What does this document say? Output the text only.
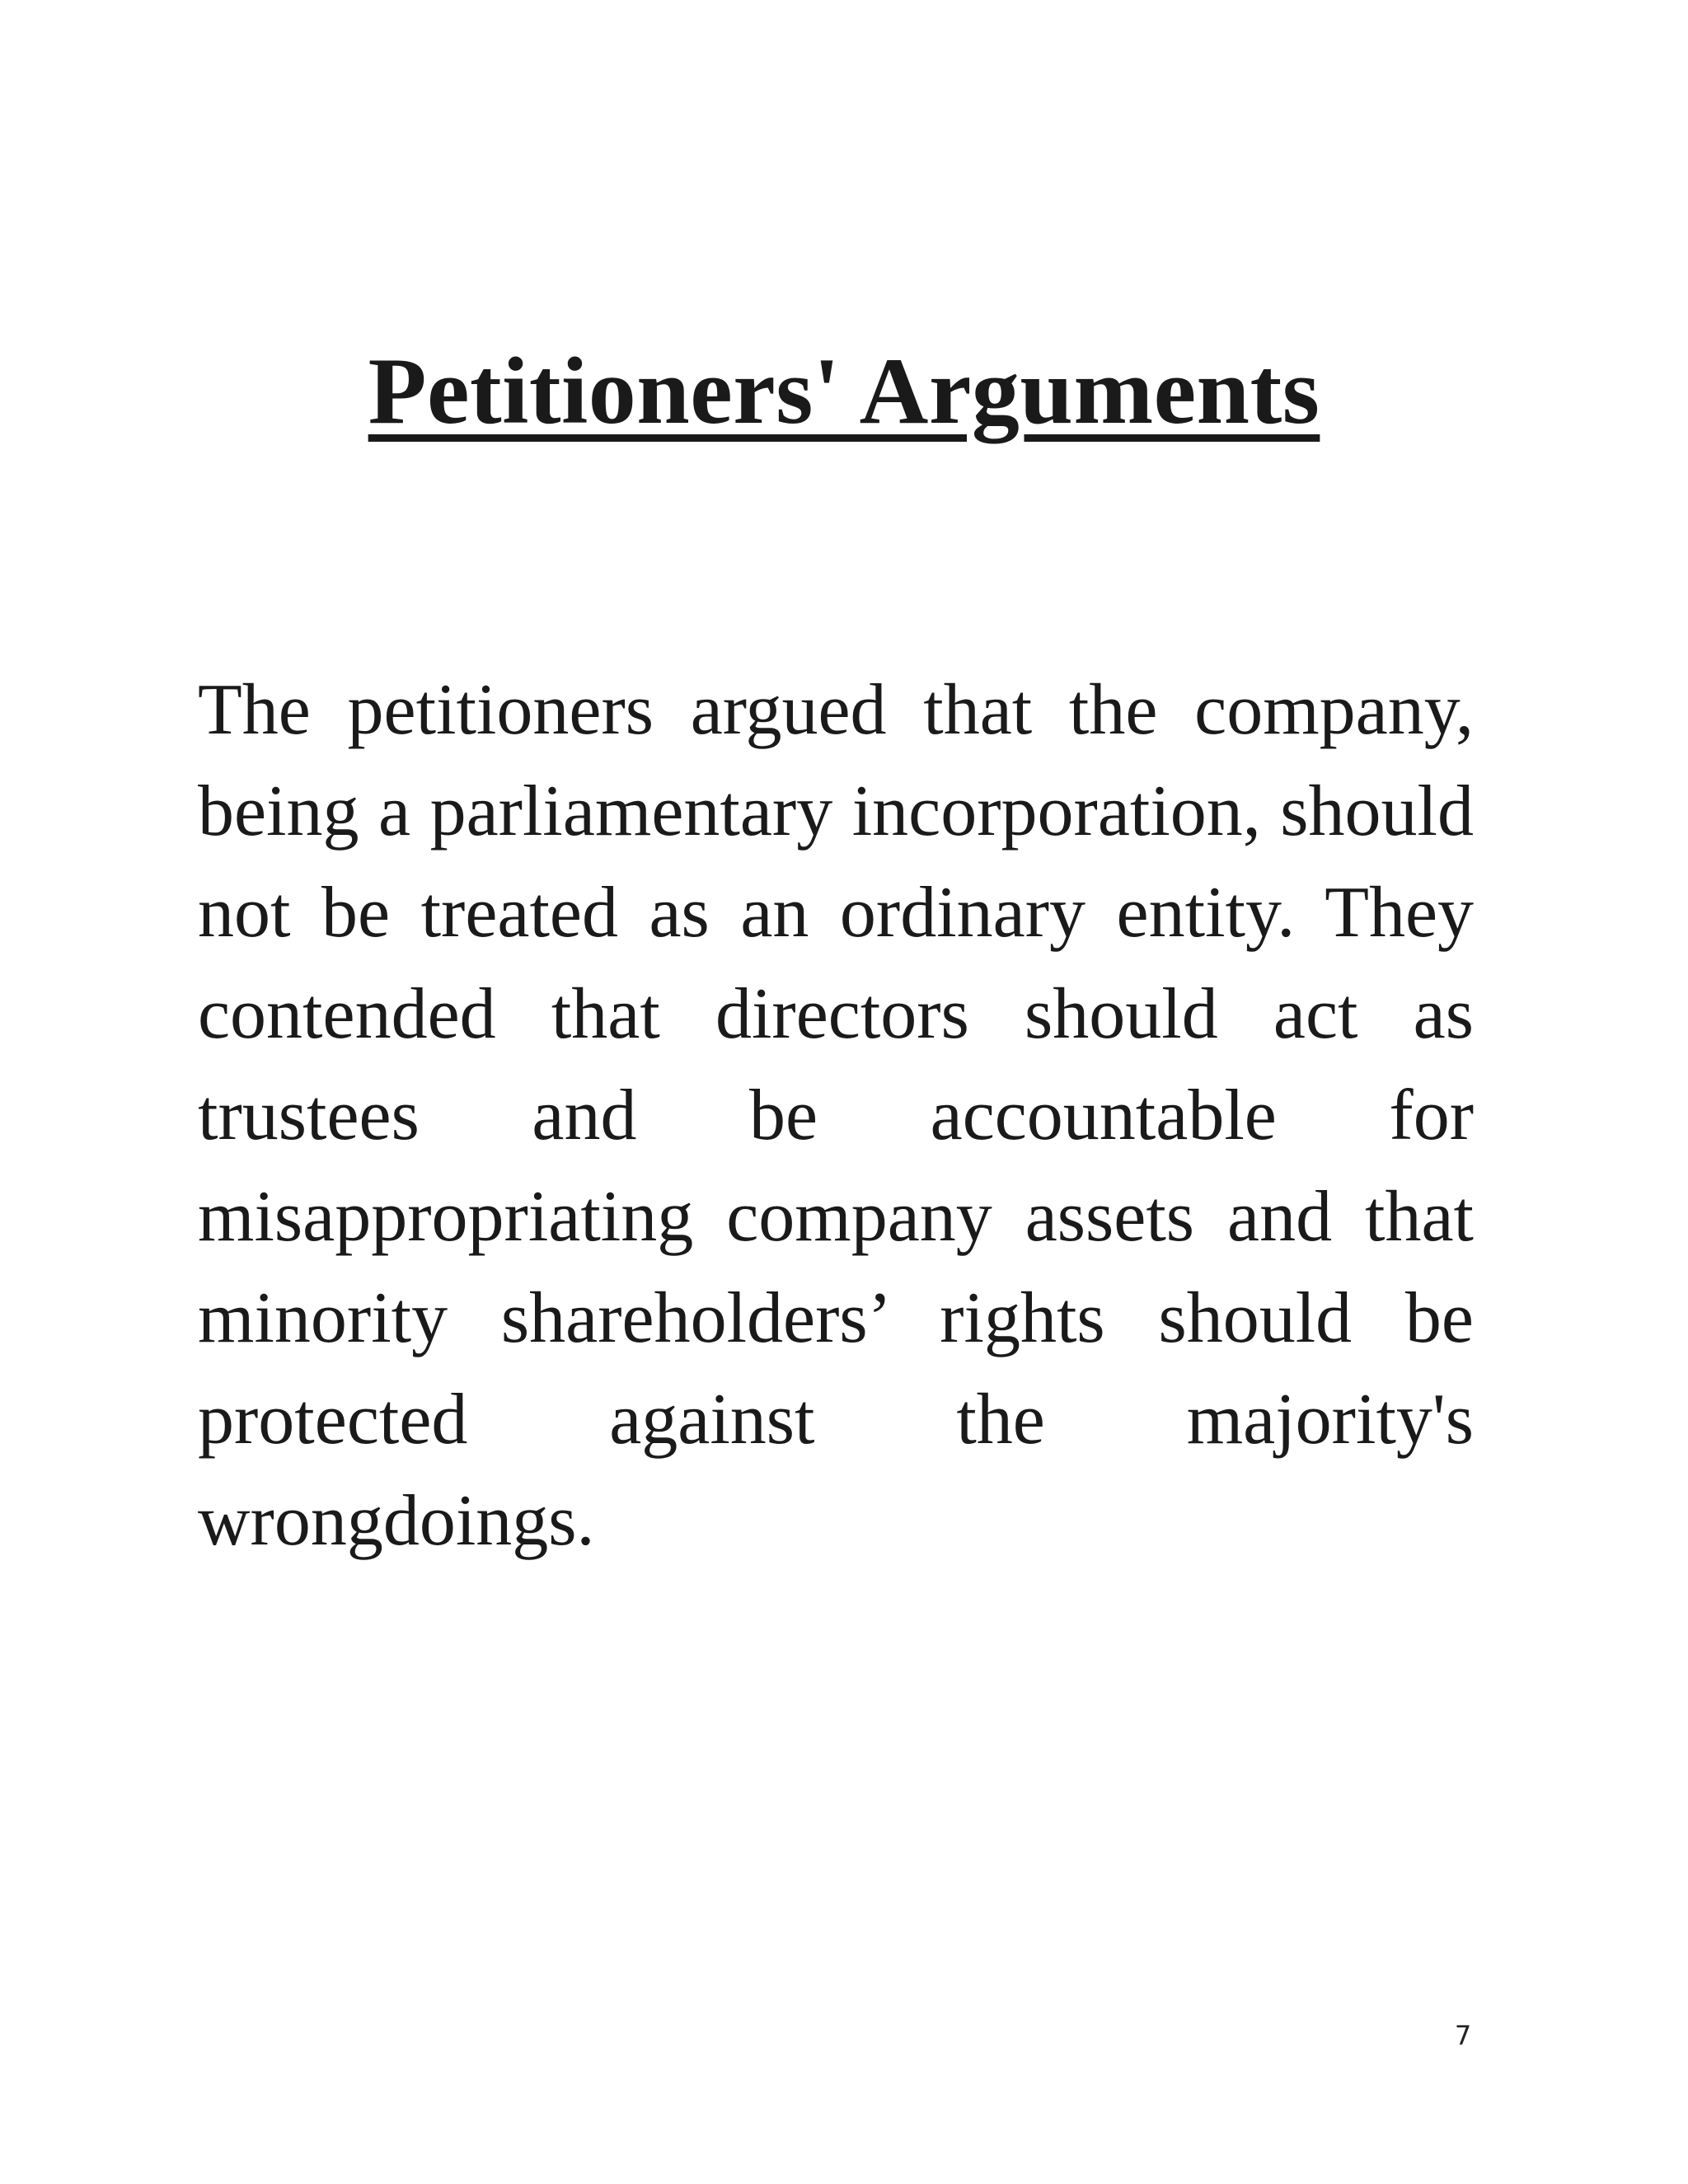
Petitioners' Arguments

The petitioners argued that the company, being a parliamentary incorporation, should not be treated as an ordinary entity. They contended that directors should act as trustees and be accountable for misappropriating company assets and that minority shareholders’ rights should be protected against the majority's wrongdoings.

7
